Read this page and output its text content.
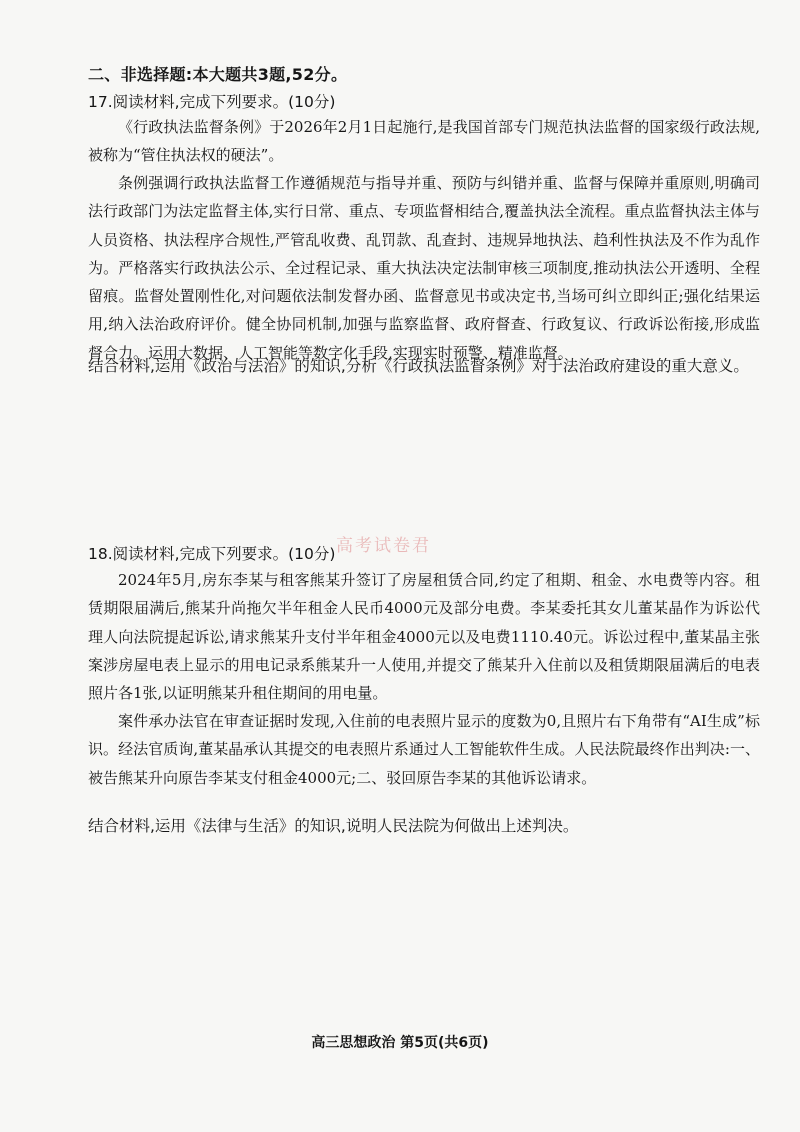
二、非选择题:本大题共3题,52分。
17.阅读材料,完成下列要求。(10分)

《行政执法监督条例》于2026年2月1日起施行,是我国首部专门规范执法监督的国家级行政法规,被称为“管住执法权的硬法”。

条例强调行政执法监督工作遵循规范与指导并重、预防与纠错并重、监督与保障并重原则,明确司法行政部门为法定监督主体,实行日常、重点、专项监督相结合,覆盖执法全流程。重点监督执法主体与人员资格、执法程序合规性,严管乱收费、乱罚款、乱查封、违规异地执法、趋利性执法及不作为乱作为。严格落实行政执法公示、全过程记录、重大执法决定法制审核三项制度,推动执法公开透明、全程留痕。监督处置刚性化,对问题依法制发督办函、监督意见书或决定书,当场可纠立即纠正;强化结果运用,纳入法治政府评价。健全协同机制,加强与监察监督、政府督查、行政复议、行政诉讼衔接,形成监督合力。运用大数据、人工智能等数字化手段,实现实时预警、精准监督。

结合材料,运用《政治与法治》的知识,分析《行政执法监督条例》对于法治政府建设的重大意义。

高考试卷君
18.阅读材料,完成下列要求。(10分)

2024年5月,房东李某与租客熊某升签订了房屋租赁合同,约定了租期、租金、水电费等内容。租赁期限届满后,熊某升尚拖欠半年租金人民币4000元及部分电费。李某委托其女儿董某晶作为诉讼代理人向法院提起诉讼,请求熊某升支付半年租金4000元以及电费1110.40元。诉讼过程中,董某晶主张案涉房屋电表上显示的用电记录系熊某升一人使用,并提交了熊某升入住前以及租赁期限届满后的电表照片各1张,以证明熊某升租住期间的用电量。

案件承办法官在审查证据时发现,入住前的电表照片显示的度数为0,且照片右下角带有“AI生成”标识。经法官质询,董某晶承认其提交的电表照片系通过人工智能软件生成。人民法院最终作出判决:一、被告熊某升向原告李某支付租金4000元;二、驳回原告李某的其他诉讼请求。

结合材料,运用《法律与生活》的知识,说明人民法院为何做出上述判决。

高三思想政治 第5页(共6页)
